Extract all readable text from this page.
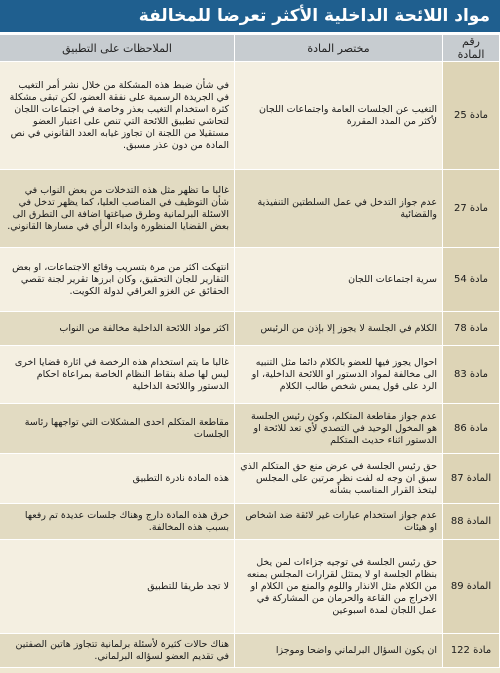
مواد اللائحة الداخلية الأكثر تعرضا للمخالفة
رقم المادة	مختصر المادة	الملاحظات على التطبيق
مادة 25	التغيب عن الجلسات العامة واجتماعات اللجان لأكثر من المدد المقررة	في شأن ضبط هذه المشكلة من خلال نشر أمر التغيب في الجريدة الرسمية على نفقة العضو، لكن تبقى مشكلة كثرة استخدام التغيب بعذر وخاصة في اجتماعات اللجان لتحاشي تطبيق اللائحة التي تنص على اعتبار العضو مستقيلا من اللجنة ان تجاوز غيابه العدد القانوني في نص المادة من دون عذر مسبق.
مادة 27	عدم جواز التدخل في عمل السلطتين التنفيذية والقضائية	غالبا ما تظهر مثل هذه التدخلات من بعض النواب في شأن التوظيف في المناصب العليا، كما يظهر تدخل في الاسئلة البرلمانية وطرق صياغتها اضافة الى التطرق الى بعض القضايا المنظورة وابداء الرأي في مسارها القانوني.
مادة 54	سرية اجتماعات اللجان	انتهكت اكثر من مرة بتسريب وقائع الاجتماعات، او بعض التقارير للجان التحقيق، وكان ابرزها تقرير لجنة تقصي الحقائق عن الغزو العراقي لدولة الكويت.
مادة 78	الكلام في الجلسة لا يجوز إلا بإذن من الرئيس	اكثر مواد اللائحة الداخلية مخالفة من النواب
مادة 83	احوال يجوز فيها للعضو بالكلام دائما مثل التنبيه الى مخالفة لمواد الدستور او اللائحة الداخلية، او الرد على قول يمس شخص طالب الكلام	غالبا ما يتم استخدام هذه الرخصة في اثارة قضايا اخرى ليس لها صلة بنقاط النظام الخاصة بمراعاة احكام الدستور واللائحة الداخلية
مادة 86	عدم جواز مقاطعة المتكلم، وكون رئيس الجلسة هو المخول الوحيد في التصدي لأي تعد للائحة او الدستور اثناء حديث المتكلم	مقاطعة المتكلم احدى المشكلات التي تواجهها رئاسة الجلسات
المادة 87	حق رئيس الجلسة في عرض منع حق المتكلم الذي سبق ان وجه له لفت نظر مرتين على المجلس ليتخذ القرار المناسب بشأنه	هذه المادة نادرة التطبيق
المادة 88	عدم جواز استخدام عبارات غير لائقة ضد اشخاص او هيئات	خرق هذه المادة دارج وهناك جلسات عديدة تم رفعها بسبب هذه المخالفة.
المادة 89	حق رئيس الجلسة في توجيه جزاءات لمن يخل بنظام الجلسة او لا يمتثل لقرارات المجلس بمنعه من الكلام مثل الانذار واللوم والمنع من الكلام او الاخراج من القاعة والحرمان من المشاركة في عمل اللجان لمدة اسبوعين	لا تجد طريقا للتطبيق
مادة 122	ان يكون السؤال البرلماني واضحا وموجزا	هناك حالات كثيرة لأسئلة برلمانية تتجاوز هاتين الصفتين في تقديم العضو لسؤاله البرلماني.
